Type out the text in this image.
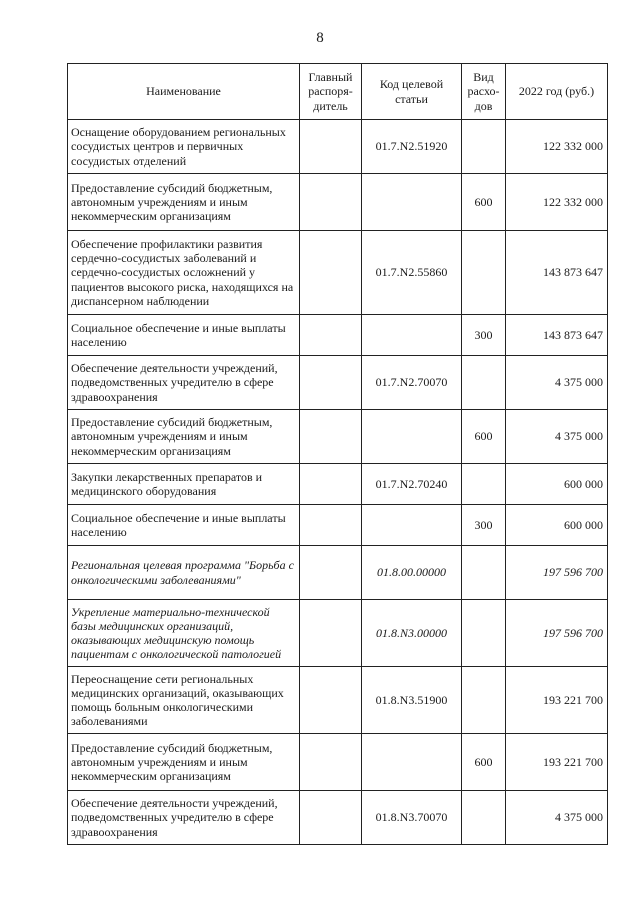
8
Наименование	Главный распоря-дитель	Код целевой статьи	Вид расхо-дов	2022 год (руб.)
Оснащение оборудованием региональных сосудистых центров и первичных сосудистых отделений		01.7.N2.51920		122 332 000
Предоставление субсидий бюджетным, автономным учреждениям и иным некоммерческим организациям			600	122 332 000
Обеспечение профилактики развития сердечно-сосудистых заболеваний и сердечно-сосудистых осложнений у пациентов высокого риска, находящихся на диспансерном наблюдении		01.7.N2.55860		143 873 647
Социальное обеспечение и иные выплаты населению			300	143 873 647
Обеспечение деятельности учреждений, подведомственных учредителю в сфере здравоохранения		01.7.N2.70070		4 375 000
Предоставление субсидий бюджетным, автономным учреждениям и иным некоммерческим организациям			600	4 375 000
Закупки лекарственных препаратов и медицинского оборудования		01.7.N2.70240		600 000
Социальное обеспечение и иные выплаты населению			300	600 000
Региональная целевая программа "Борьба с онкологическими заболеваниями"		01.8.00.00000		197 596 700
Укрепление материально-технической базы медицинских организаций, оказывающих медицинскую помощь пациентам с онкологической патологией		01.8.N3.00000		197 596 700
Переоснащение сети региональных медицинских организаций, оказывающих помощь больным онкологическими заболеваниями		01.8.N3.51900		193 221 700
Предоставление субсидий бюджетным, автономным учреждениям и иным некоммерческим организациям			600	193 221 700
Обеспечение деятельности учреждений, подведомственных учредителю в сфере здравоохранения		01.8.N3.70070		4 375 000
